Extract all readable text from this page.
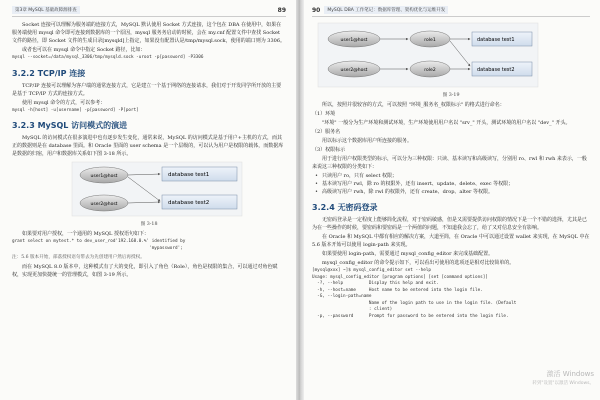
第3章 MySQL 基础故障源排查	89

Socket 连接可以理解为服务端的连接方式，MySQL 默认使用 Socket 方式连接，这个包在 DBA 在使用中，如果在服务端使用 mysql 命令即可连接到数据库的一个原因，mysql 服务务启动的时候，会在 my.cnf 配置文件中查找 Socket 文件的路径，即 Socket 文件的生成目录[mysqld]上指定，如果没有配置认是/tmp/mysql.sock，使用的端口则为 3306。

或者也可以在 mysql 命令中指定 Socket 路径，比如：

mysql --socket=/data/mysql_3306/tmp/mysqld.sock -uroot -p[password] -P3306
3.2.2 TCP/IP 连接

TCP/IP 连接可以理解为客户端的通常连接方式，它是建立一个基于网络的连接请求，我们对于开发同学所开放的主要是基于 TCP/IP 方式的连接方式。

使用 mysql 命令的方式，可以参考：

mysql -h[host] -u[username] -p[password] -P[port]
3.2.3 MySQL 访问模式的演进

MySQL 的访问模式在很多演进中也有逐步发生变化，通常来说，MySQL 的访问模式是基于用户+主机的方式，而其正的数据则是在 database 里面。和 Oracle 里面的 user schema 是一个层级的，可以认为用户是权限的载体，而数据库是数据的归宿，用户和数据库关系如下图 3-18 所示。

user1@host
user2@host
database test1
database test2
图 3-18

如果要对用户授权，一个通用的 MySQL 授权语句如下：

grant select on mytest.* to dev_user_rod'192.168.0.%' identified by
'mypassword';
注：5.6 版本开始，部落授权语句带去为先创建用户然后再授权。

而在 MySQL 8.0 版本中，这种模式有了大的变化，即引入了角色（Role），角色是权限的集合，可以通过对角色赋权，实现更加快捷统一的管理模式，如图 3-19 所示。

90	MySQL DBA 工作笔记：数据库管理、架构优化与运维开发
user1@host
user2@host
role1
role2
database test1
database test2
图 3-19

所以，按照并很较容的方式，可以按照 "环境_服务名_权限标示" 的格式进行命名：

（1）环境

"环境" 一般分为生产环境和测试环境，生产环境使用用户名以 "srv_" 开头，测试环境的用户名以 "dev_" 开头。

（2）服务名

用以标示这个数据库用户所连接的服务。

（3）权限标示

用于进行用户权限类型的标示，可以分为三种权限：只读、基本读写和高级读写，分别用 ro、rwl 和 rwh 来表示，一般来说这三种权限的分类如下：

• 只读用户 ro，只有 select 权限；
• 基本读写用户 rwl，除 ro 的权限外，还有 insert、update、delete、exec 等权限；
• 高级读写用户 rwh，除 rwl 的权限外，还有 create、drop、alter 等权限。
3.2.4 无密码登录

无密码登录是一定程度上能够简化流程，对于密码敏感，但是又需要提供访问权限的情况下是一个不错的选择，尤其是已为在一些操作的时候，要密码和要密码是一个两值的问题，不知道我会忘了，给了又对信息安全有影响。

在 Oracle 和 MySQL 中都有相应的解决方案，大道至简，在 Oracle 中可以通过设置 wallet 来实现，在 MySQL 中在 5.6 版本开始可以使用 login-path 来实现。

如果要使用 login-path，需要通过 mysql_config_editor 来完成基础配置。

mysql_config_editor 的命令提示如下，可以看出可使用的选项还是相对比较简单的。

[mysql@xxx] ~]$ mysql_config_editor set --help
Usage: mysql_config_editor [program options] [set [command options]]
-?, --help          Display this help and exit.
-h, --host=name     Host name to be entered into the login file.
-G, --login-path=name
Name of the login path to use in the login file. (Default
: client)
-p, --password      Prompt for password to be entered into the login file.
激活 Windows
转到"设置"以激活 Windows。
